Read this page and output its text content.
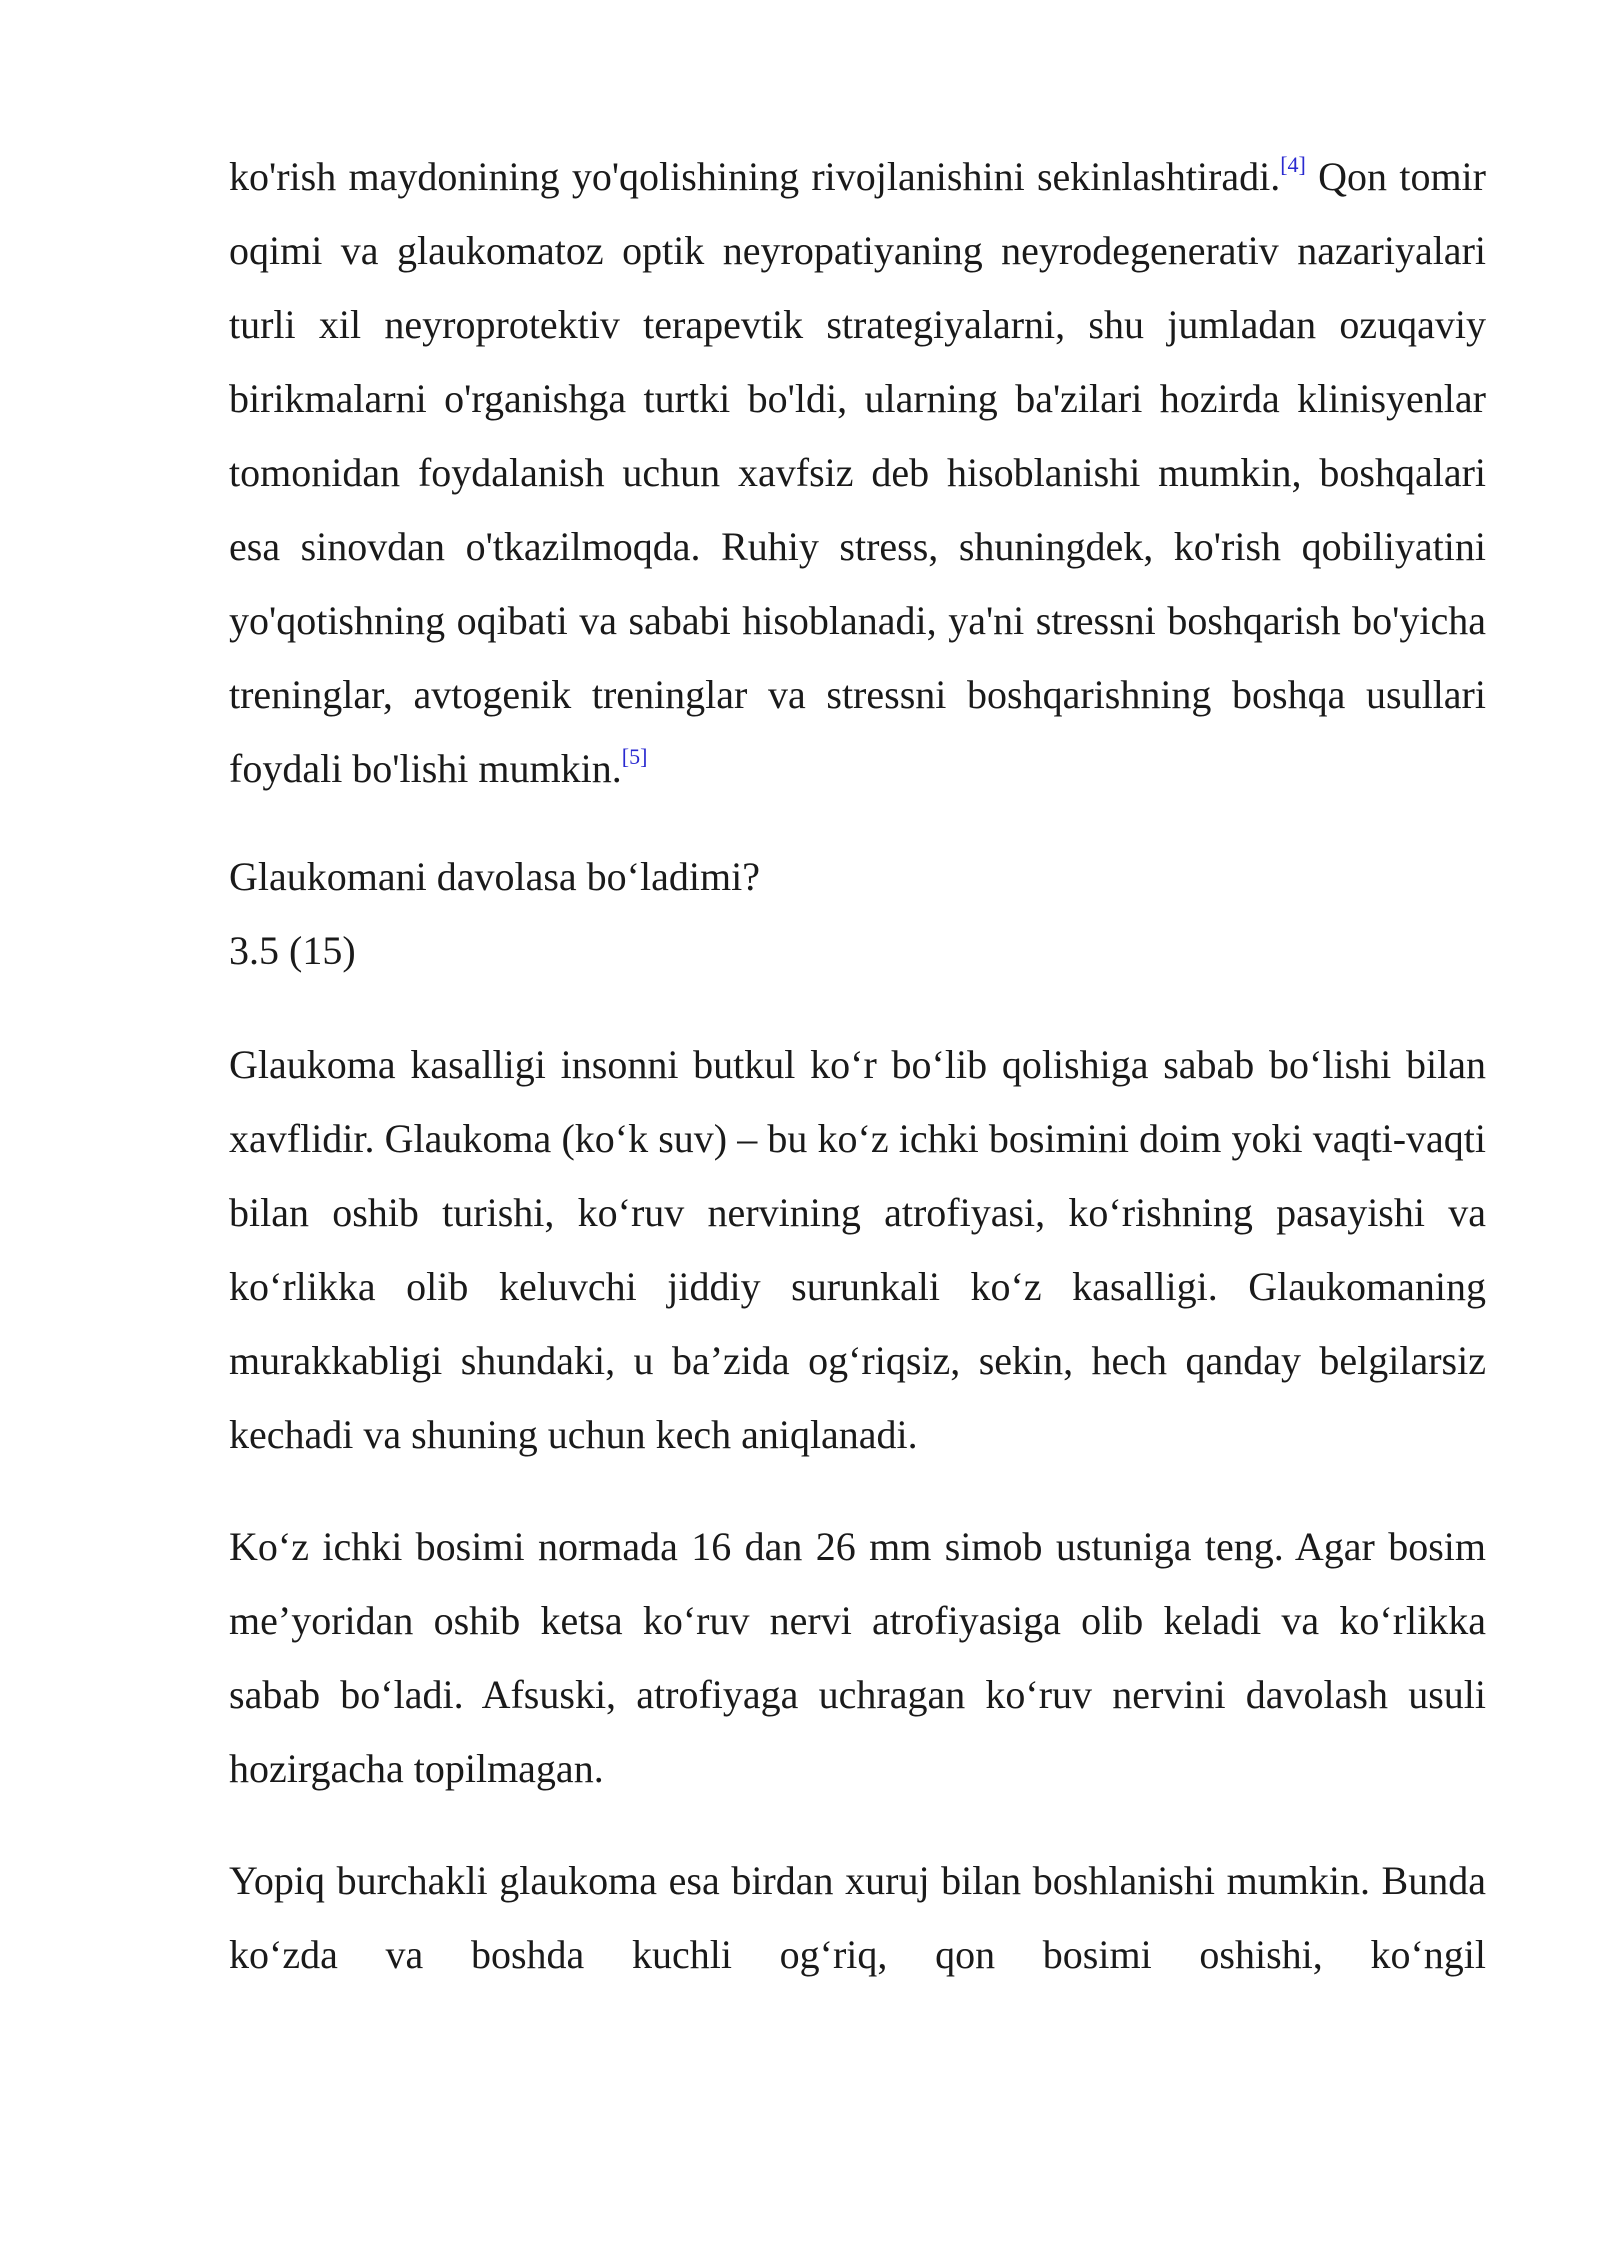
ko'rish maydonining yo'qolishining rivojlanishini sekinlashtiradi.[4] Qon tomir oqimi va glaukomatoz optik neyropatiyaning neyrodegenerativ nazariyalari turli xil neyroprotektiv terapevtik strategiyalarni, shu jumladan ozuqaviy birikmalarni o'rganishga turtki bo'ldi, ularning ba'zilari hozirda klinisyenlar tomonidan foydalanish uchun xavfsiz deb hisoblanishi mumkin, boshqalari esa sinovdan o'tkazilmoqda. Ruhiy stress, shuningdek, ko'rish qobiliyatini yo'qotishning oqibati va sababi hisoblanadi, ya'ni stressni boshqarish bo'yicha treninglar, avtogenik treninglar va stressni boshqarishning boshqa usullari foydali bo'lishi mumkin.[5]

Glaukomani davolasa bo‘ladimi?
3.5 (15)

Glaukoma kasalligi insonni butkul ko‘r bo‘lib qolishiga sabab bo‘lishi bilan xavflidir. Glaukoma (ko‘k suv) – bu ko‘z ichki bosimini doim yoki vaqti-vaqti bilan oshib turishi, ko‘ruv nervining atrofiyasi, ko‘rishning pasayishi va ko‘rlikka olib keluvchi jiddiy surunkali ko‘z kasalligi. Glaukomaning murakkabligi shundaki, u ba’zida og‘riqsiz, sekin, hech qanday belgilarsiz kechadi va shuning uchun kech aniqlanadi.

Ko‘z ichki bosimi normada 16 dan 26 mm simob ustuniga teng. Agar bosim me’yoridan oshib ketsa ko‘ruv nervi atrofiyasiga olib keladi va ko‘rlikka sabab bo‘ladi. Afsuski, atrofiyaga uchragan ko‘ruv nervini davolash usuli hozirgacha topilmagan.

Yopiq burchakli glaukoma esa birdan xuruj bilan boshlanishi mumkin. Bunda ko‘zda va boshda kuchli og‘riq, qon bosimi oshishi, ko‘ngil
